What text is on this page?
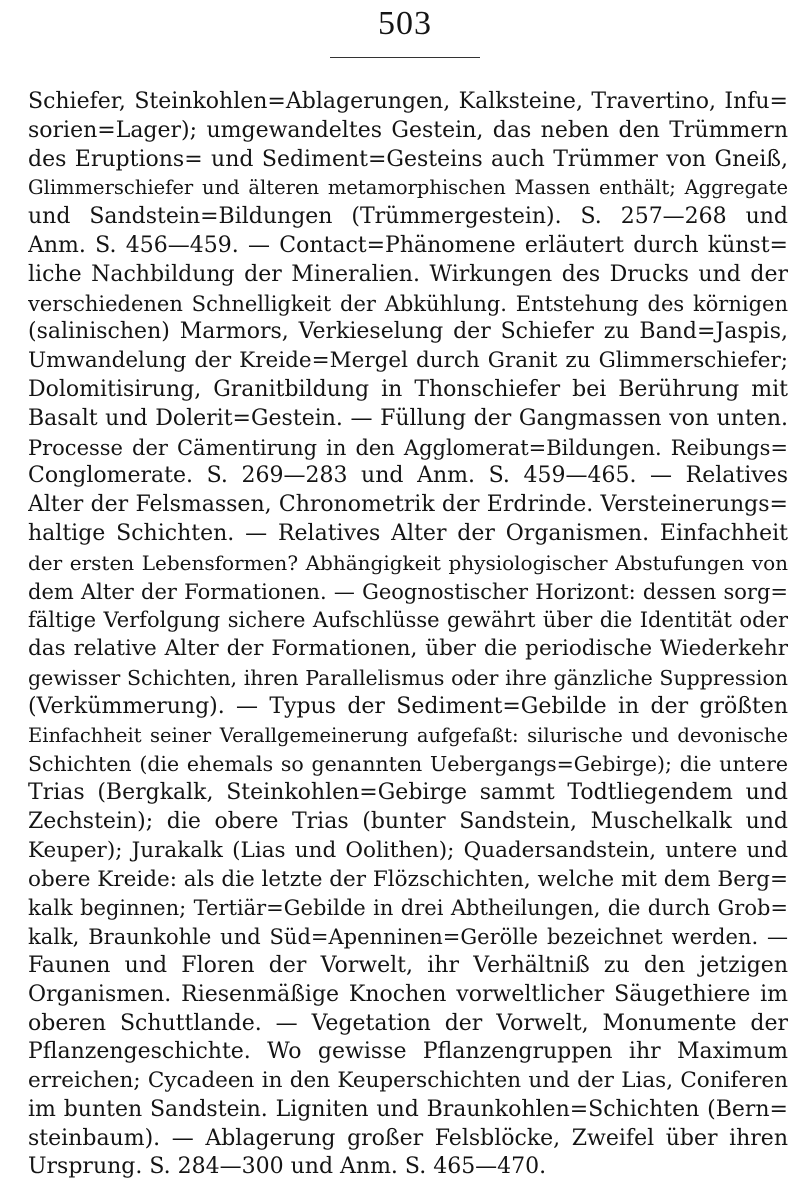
503
Schiefer, Steinkohlen=Ablagerungen, Kalksteine, Travertino, Infu=
sorien=Lager); umgewandeltes Gestein, das neben den Trümmern
des Eruptions= und Sediment=Gesteins auch Trümmer von Gneiß,
Glimmerschiefer und älteren metamorphischen Massen enthält; Aggregate
und Sandstein=Bildungen (Trümmergestein). S. 257—268 und
Anm. S. 456—459. — Contact=Phänomene erläutert durch künst=
liche Nachbildung der Mineralien. Wirkungen des Drucks und der
verschiedenen Schnelligkeit der Abkühlung. Entstehung des körnigen
(salinischen) Marmors, Verkieselung der Schiefer zu Band=Jaspis,
Umwandelung der Kreide=Mergel durch Granit zu Glimmerschiefer;
Dolomitisirung, Granitbildung in Thonschiefer bei Berührung mit
Basalt und Dolerit=Gestein. — Füllung der Gangmassen von unten.
Processe der Cämentirung in den Agglomerat=Bildungen. Reibungs=
Conglomerate. S. 269—283 und Anm. S. 459—465. — Relatives
Alter der Felsmassen, Chronometrik der Erdrinde. Versteinerungs=
haltige Schichten. — Relatives Alter der Organismen. Einfachheit
der ersten Lebensformen? Abhängigkeit physiologischer Abstufungen von
dem Alter der Formationen. — Geognostischer Horizont: dessen sorg=
fältige Verfolgung sichere Aufschlüsse gewährt über die Identität oder
das relative Alter der Formationen, über die periodische Wiederkehr
gewisser Schichten, ihren Parallelismus oder ihre gänzliche Suppression
(Verkümmerung). — Typus der Sediment=Gebilde in der größten
Einfachheit seiner Verallgemeinerung aufgefaßt: silurische und devonische
Schichten (die ehemals so genannten Uebergangs=Gebirge); die untere
Trias (Bergkalk, Steinkohlen=Gebirge sammt Todtliegendem und
Zechstein); die obere Trias (bunter Sandstein, Muschelkalk und
Keuper); Jurakalk (Lias und Oolithen); Quadersandstein, untere und
obere Kreide: als die letzte der Flözschichten, welche mit dem Berg=
kalk beginnen; Tertiär=Gebilde in drei Abtheilungen, die durch Grob=
kalk, Braunkohle und Süd=Apenninen=Gerölle bezeichnet werden. —
Faunen und Floren der Vorwelt, ihr Verhältniß zu den jetzigen
Organismen. Riesenmäßige Knochen vorweltlicher Säugethiere im
oberen Schuttlande. — Vegetation der Vorwelt, Monumente der
Pflanzengeschichte. Wo gewisse Pflanzengruppen ihr Maximum
erreichen; Cycadeen in den Keuperschichten und der Lias, Coniferen
im bunten Sandstein. Ligniten und Braunkohlen=Schichten (Bern=
steinbaum). — Ablagerung großer Felsblöcke, Zweifel über ihren
Ursprung. S. 284—300 und Anm. S. 465—470.
